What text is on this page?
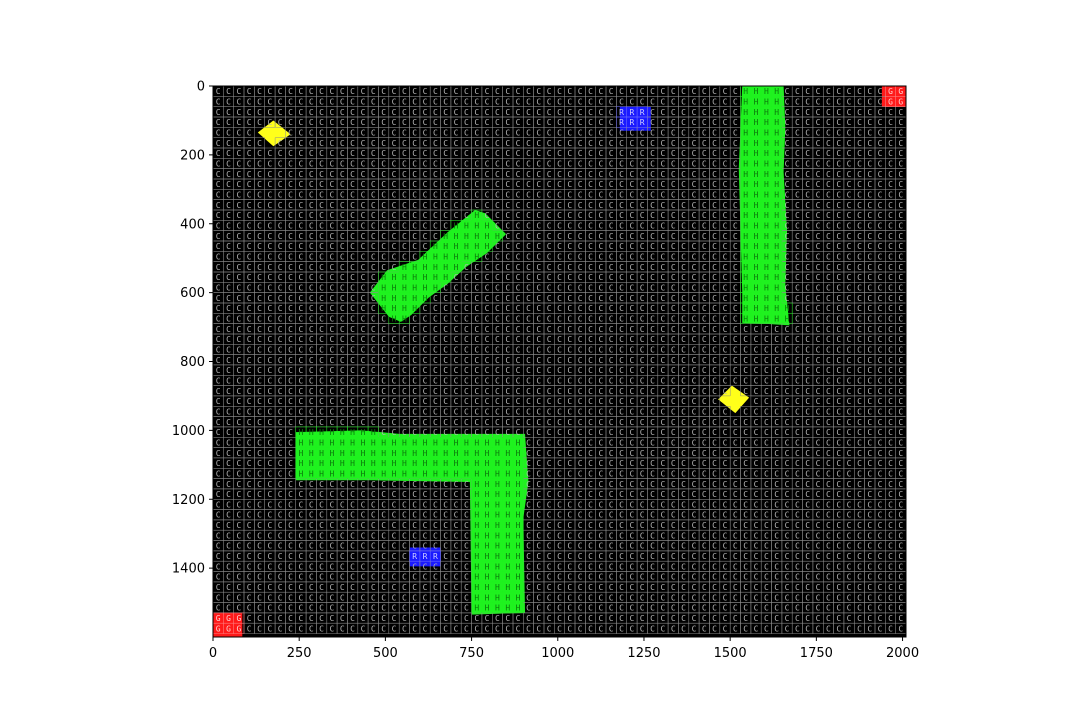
C C C C C C C C C C C C C C C C C C C C C C C C C C C C C C C C C C C C C C C C C C C C C C C C C C C H H H H C C C C C C C C C C G G
C C C C C C C C C C C C C C C C C C C C C C C C C C C C C C C C C C C C C C C C C C C C C C C C C C C H H H H C C C C C C C C C C G G
C C C C C C C C C C C C C C C C C C C C C C C C C C C C C C C C C C C C C C C R R R C C C C C C C C C H H H H C C C C C C C C C C C C
C C C C C C C C C C C C C C C C C C C C C C C C C C C C C C C C C C C C C C C R R R C C C C C C C C C H H H H C C C C C C C C C C C C
C C C C	C C C C C C C C C C C C C C C C C C C C C C C C C C C C C C C C C C C C C C C C C C C C H H H H C C C C C C C C C C C C
C C C C C C C C C C C C C C C C C C C C C C C C C C C C C C C C C C C C C C C C C C C C C C C C C C H H H H C C C C C C C C C C C C
C C C C C C C C C C C C C C C C C C C C C C C C C C C C C C C C C C C C C C C C C C C C C C C C C C C H H H H C C C C C C C C C C C C
C C C C C C C C C C C C C C C C C C C C C C C C C C C C C C C C C C C C C C C C C C C C C C C C C C C H H H H C C C C C C C C C C C C
C C C C C C C C C C C C C C C C C C C C C C C C C C C C C C C C C C C C C C C C C C C C C C C C C C C H H H H C C C C C C C C C C C C
C C C C C C C C C C C C C C C C C C C C C C C C C C C C C C C C C C C C C C C C C C C C C C C C C C C H H H H C C C C C C C C C C C C
C C C C C C C C C C C C C C C C C C C C C C C C C C C C C C C C C C C C C C C C C C C C C C C C C C C H H H H C C C C C C C C C C C C
C C C C C C C C C C C C C C C C C C C C C C C C C C C C C C C C C C C C C C C C C C C C C C C C C C C H H H H C C C C C C C C C C C C
C C C C C C C C C C C C C C C C C C C C C C C C C H C C C C C C C C C C C C C C C C C C C C C C C C C H H H H C C C C C C C C C C C C
C C C C C C C C C C C C C C C C C C C C C C C H H H H C C C C C C C C C C C C C C C C C C C C C C C C H H H H C C C C C C C C C C C C
C C C C C C C C C C C C C C C C C C C C C C H H H H H H C C C C C C C C C C C C C C C C C C C C C C C H H H H C C C C C C C C C C C C
C C C C C C C C C C C C C C C C C C C C C H H H H H H C C C C C C C C C C C C C C C C C C C C C C C C H H H H C C C C C C C C C C C C
C C C C C C C C C C C C C C C C C C C C H H H H H H C C C C C C C C C C C C C C C C C C C C C C C C C H H H H C C C C C C C C C C C C
C C C C C C C C C C C C C C C C C C H H H H H H C C C C C C C C C C C C C C C C C C C C C C C C C C C H H H H C C C C C C C C C C C C
C C C C C C C C C C C C C C C C H H H H H H H C C C C C C C C C C C C C C C C C C C C C C C C C C C C H H H H C C C C C C C C C C C C
C C C C C C C C C C C C C C C C H H H H H H C C C C C C C C C C C C C C C C C C C C C C C C C C C C C H H H H C C C C C C C C C C C C
C C C C C C C C C C C C C C C C H H H H H C C C C C C C C C C C C C C C C C C C C C C C C C C C C C C H H H H C C C C C C C C C C C C
C C C C C C C C C C C C C C C C H H H H C C C C C C C C C C C C C C C C C C C C C C C C C C C C C C C H H H H H C C C C C C C C C C C
C C C C C C C C C C C C C C C C C H H C C C C C C C C C C C C C C C C C C C C C C C C C C C C C C C C H H H H H C C C C C C C C C C C
C C C C C C C C C C C C C C C C C C C C C C C C C C C C C C C C C C C C C C C C C C C C C C C C C C C C C C C C C C C C C C C C C C C
C C C C C C C C C C C C C C C C C C C C C C C C C C C C C C C C C C C C C C C C C C C C C C C C C C C C C C C C C C C C C C C C C C C
C C C C C C C C C C C C C C C C C C C C C C C C C C C C C C C C C C C C C C C C C C C C C C C C C C C C C C C C C C C C C C C C C C C
C C C C C C C C C C C C C C C C C C C C C C C C C C C C C C C C C C C C C C C C C C C C C C C C C C C C C C C C C C C C C C C C C C C
C C C C C C C C C C C C C C C C C C C C C C C C C C C C C C C C C C C C C C C C C C C C C C C C C C C C C C C C C C C C C C C C C C C
C C C C C C C C C C C C C C C C C C C C C C C C C C C C C C C C C C C C C C C C C C C C C C C C C C C C C C C C C C C C C C C C C C C
C C C C C C C C C C C C C C C C C C C C C C C C C C C C C C C C C C C C C C C C C C C C C C C C C C C C C C C C C C C C C C C C C C
C C C C C C C C C C C C C C C C C C C C C C C C C C C C C C C C C C C C C C C C C C C C C C C C C	C C C C C C C C C C C C C C C
C C C C C C C C C C C C C C C C C C C C C C C C C C C C C C C C C C C C C C C C C C C C C C C C C C C C C C C C C C C C C C C C C C
C C C C C C C C C C C C C C C C C C C C C C C C C C C C C C C C C C C C C C C C C C C C C C C C C C C C C C C C C C C C C C C C C C C
C C C C C C C C H H H H H H H H C C C C C C C C C C C C C C C C C C C C C C C C C C C C C C C C C C C C C C C C C C C C C C C C C C C
C C C C C C C C H H H H H H H H H H H H H H H H H H H H H H C C C C C C C C C C C C C C C C C C C C C C C C C C C C C C C C C C C C C
C C C C C C C C H H H H H H H H H H H H H H H H H H H H H H C C C C C C C C C C C C C C C C C C C C C C C C C C C C C C C C C C C C C
C C C C C C C C H H H H H H H H H H H H H H H H H H H H H H C C C C C C C C C C C C C C C C C C C C C C C C C C C C C C C C C C C C C
C C C C C C C C H H H H H H H H H H H H H H H H H H H H H H C C C C C C C C C C C C C C C C C C C C C C C C C C C C C C C C C C C C C
C C C C C C C C C C C C C C C C C C C C C C C C C H H H H H C C C C C C C C C C C C C C C C C C C C C C C C C C C C C C C C C C C C C
C C C C C C C C C C C C C C C C C C C C C C C C C H H H H H C C C C C C C C C C C C C C C C C C C C C C C C C C C C C C C C C C C C C
C C C C C C C C C C C C C C C C C C C C C C C C C H H H H H C C C C C C C C C C C C C C C C C C C C C C C C C C C C C C C C C C C C C
C C C C C C C C C C C C C C C C C C C C C C C C C H H H H H C C C C C C C C C C C C C C C C C C C C C C C C C C C C C C C C C C C C C
C C C C C C C C C C C C C C C C C C C C C C C C C H H H H H C C C C C C C C C C C C C C C C C C C C C C C C C C C C C C C C C C C C C
C C C C C C C C C C C C C C C C C C C C C C C C C H H H H H C C C C C C C C C C C C C C C C C C C C C C C C C C C C C C C C C C C C C
C C C C C C C C C C C C C C C C C C C C C C C C C H H H H H C C C C C C C C C C C C C C C C C C C C C C C C C C C C C C C C C C C C C
C C C C C C C C C C C C C C C C C C C R R R C C C H H H H H C C C C C C C C C C C C C C C C C C C C C C C C C C C C C C C C C C C C C
C C C C C C C C C C C C C C C C C C C C C C C C C H H H H H C C C C C C C C C C C C C C C C C C C C C C C C C C C C C C C C C C C C C
C C C C C C C C C C C C C C C C C C C C C C C C C H H H H H C C C C C C C C C C C C C C C C C C C C C C C C C C C C C C C C C C C C C
C C C C C C C C C C C C C C C C C C C C C C C C C H H H H H C C C C C C C C C C C C C C C C C C C C C C C C C C C C C C C C C C C C C
C C C C C C C C C C C C C C C C C C C C C C C C C H H H H H C C C C C C C C C C C C C C C C C C C C C C C C C C C C C C C C C C C C C
C C C C C C C C C C C C C C C C C C C C C C C C C H H H H H C C C C C C C C C C C C C C C C C C C C C C C C C C C C C C C C C C C C C
G G G C C C C C C C C C C C C C C C C C C C C C C C C C C C C C C C C C C C C C C C C C C C C C C C C C C C C C C C C C C C C C C C C
G G G C C C C C C C C C C C C C C C C C C C C C C C C C C C C C C C C C C C C C C C C C C C C C C C C C C C C C C C C C C C C C C C C
0	250	500	750	1000	1250	1500	1750	2000
0
200
400
600
800
1000
1200
1400
